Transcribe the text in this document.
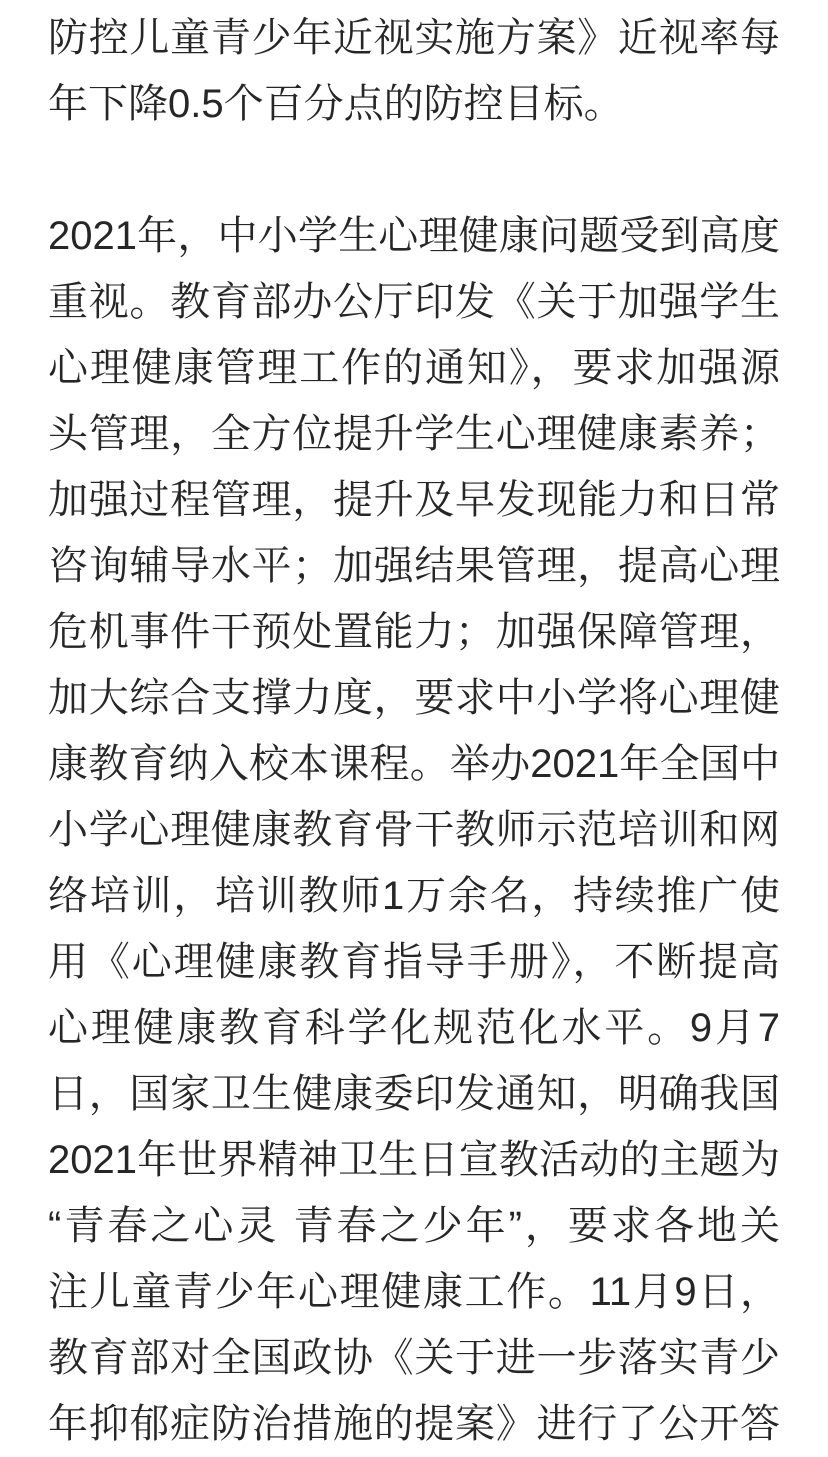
防控儿童青少年近视实施方案》近视率每
年下降0.5个百分点的防控目标。
2021年，中小学生心理健康问题受到高度
重视。教育部办公厅印发《关于加强学生
心理健康管理工作的通知》，要求加强源
头管理，全方位提升学生心理健康素养；
加强过程管理，提升及早发现能力和日常
咨询辅导水平；加强结果管理，提高心理
危机事件干预处置能力；加强保障管理，
加大综合支撑力度，要求中小学将心理健
康教育纳入校本课程。举办2021年全国中
小学心理健康教育骨干教师示范培训和网
络培训，培训教师1万余名，持续推广使
用《心理健康教育指导手册》，不断提高
心理健康教育科学化规范化水平。9月7
日，国家卫生健康委印发通知，明确我国
2021年世界精神卫生日宣教活动的主题为
“青春之心灵 青春之少年”，要求各地关
注儿童青少年心理健康工作。11月9日，
教育部对全国政协《关于进一步落实青少
年抑郁症防治措施的提案》进行了公开答
